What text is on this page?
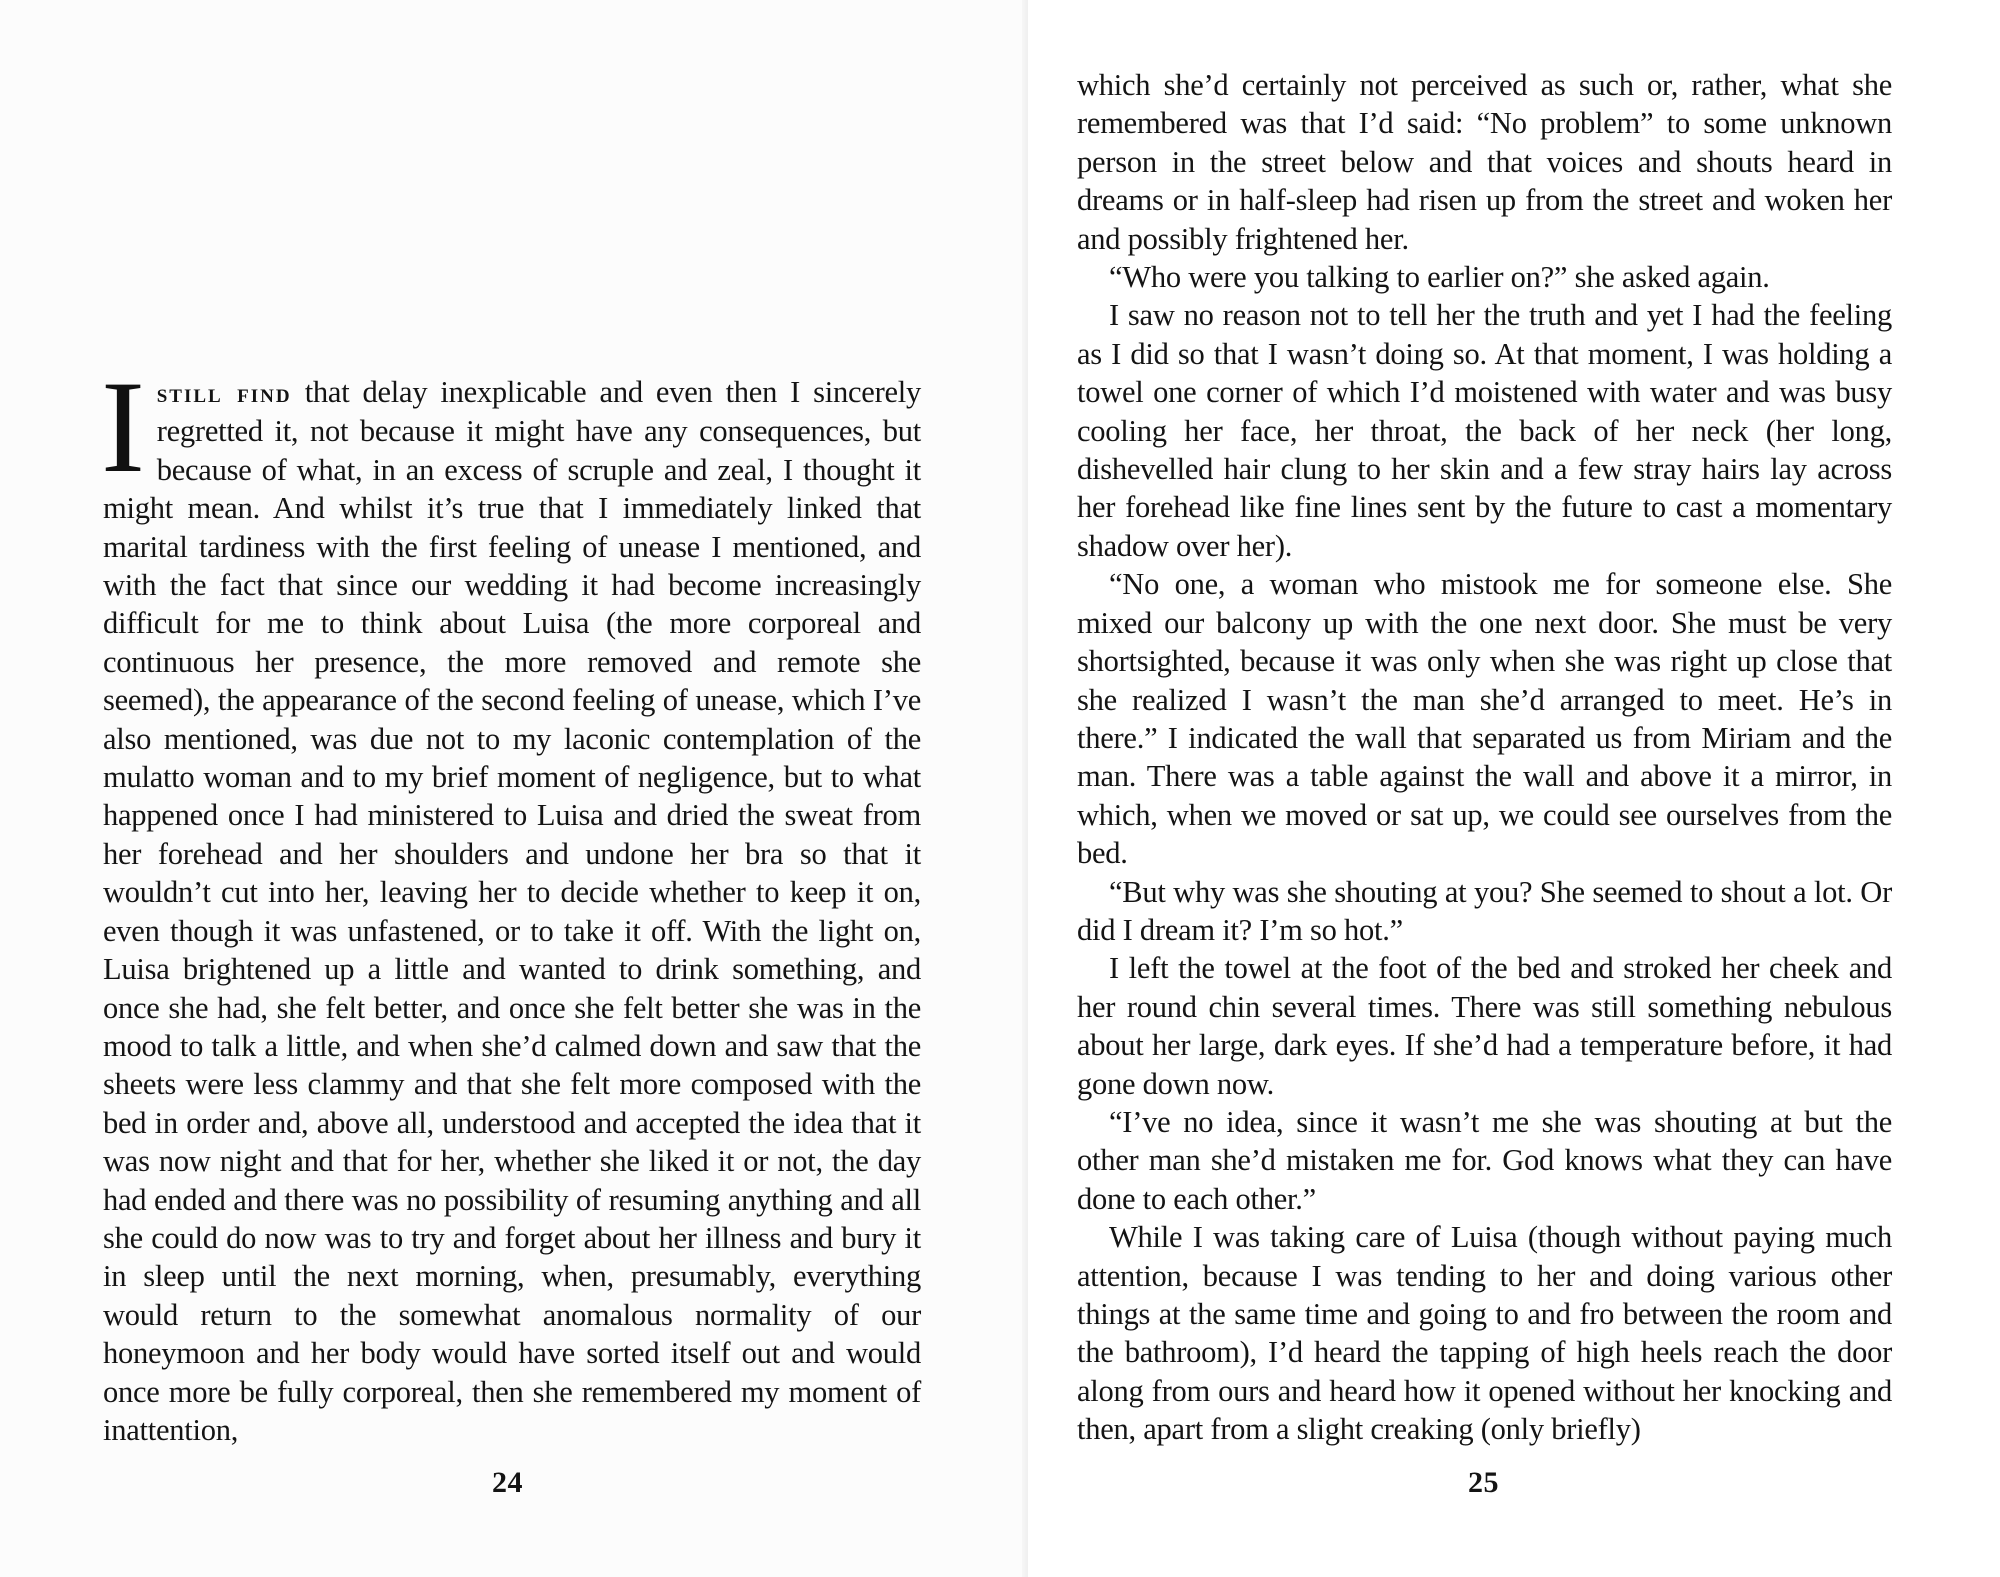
Istill find that delay inexplicable and even then I sincerely regretted it, not because it might have any consequences, but because of what, in an excess of scruple and zeal, I thought it might mean. And whilst it’s true that I immediately linked that marital tardiness with the first feeling of unease I mentioned, and with the fact that since our wedding it had become increasingly difficult for me to think about Luisa (the more corporeal and continuous her presence, the more removed and remote she seemed), the appearance of the second feeling of unease, which I’ve also mentioned, was due not to my laconic contemplation of the mulatto woman and to my brief moment of negligence, but to what happened once I had ministered to Luisa and dried the sweat from her forehead and her shoulders and undone her bra so that it wouldn’t cut into her, leaving her to decide whether to keep it on, even though it was unfastened, or to take it off. With the light on, Luisa brightened up a little and wanted to drink something, and once she had, she felt better, and once she felt better she was in the mood to talk a little, and when she’d calmed down and saw that the sheets were less clammy and that she felt more composed with the bed in order and, above all, understood and accepted the idea that it was now night and that for her, whether she liked it or not, the day had ended and there was no possibility of resuming anything and all she could do now was to try and forget about her illness and bury it in sleep until the next morning, when, presumably, everything would return to the somewhat anomalous normality of our honeymoon and her body would have sorted itself out and would once more be fully corporeal, then she remembered my moment of inattention,

24

which she’d certainly not perceived as such or, rather, what she remembered was that I’d said: “No problem” to some unknown person in the street below and that voices and shouts heard in dreams or in half-sleep had risen up from the street and woken her and possibly frightened her.

“Who were you talking to earlier on?” she asked again.

I saw no reason not to tell her the truth and yet I had the feeling as I did so that I wasn’t doing so. At that moment, I was holding a towel one corner of which I’d moistened with water and was busy cooling her face, her throat, the back of her neck (her long, dishevelled hair clung to her skin and a few stray hairs lay across her forehead like fine lines sent by the future to cast a momentary shadow over her).

“No one, a woman who mistook me for someone else. She mixed our balcony up with the one next door. She must be very shortsighted, because it was only when she was right up close that she realized I wasn’t the man she’d arranged to meet. He’s in there.” I indicated the wall that separated us from Miriam and the man. There was a table against the wall and above it a mirror, in which, when we moved or sat up, we could see ourselves from the bed.

“But why was she shouting at you? She seemed to shout a lot. Or did I dream it? I’m so hot.”

I left the towel at the foot of the bed and stroked her cheek and her round chin several times. There was still something nebulous about her large, dark eyes. If she’d had a temperature before, it had gone down now.

“I’ve no idea, since it wasn’t me she was shouting at but the other man she’d mistaken me for. God knows what they can have done to each other.”

While I was taking care of Luisa (though without paying much attention, because I was tending to her and doing various other things at the same time and going to and fro between the room and the bathroom), I’d heard the tapping of high heels reach the door along from ours and heard how it opened without her knocking and then, apart from a slight creaking (only briefly)

25
